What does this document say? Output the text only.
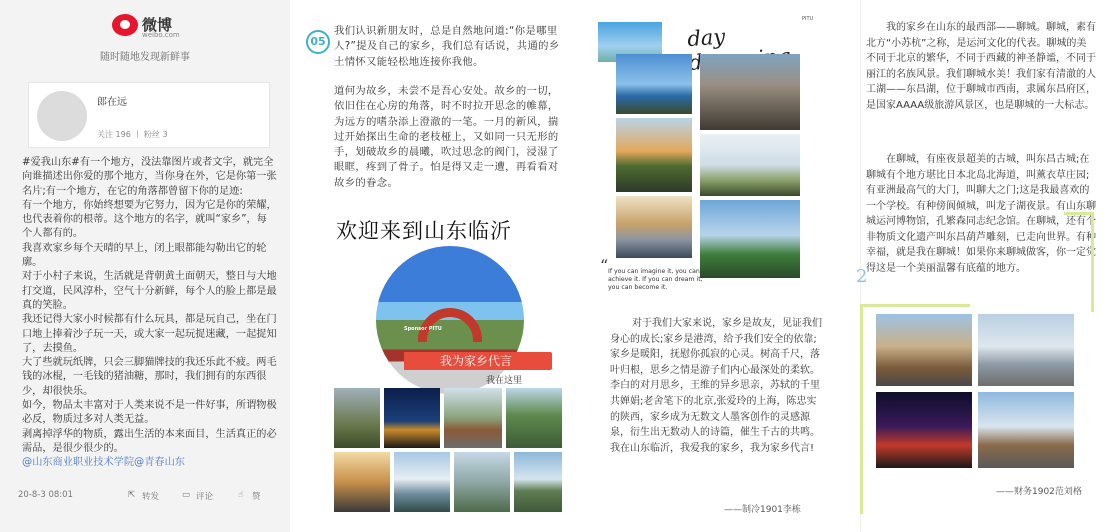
微博
weibo.com
随时随地发现新鲜事
郎在远
关注 196 丨 粉丝 3

#爱我山东#有一个地方，没法靠图片或者文字，就完全向谁描述出你爱的那个地方，当你身在外，它是你第一张名片;有一个地方，在它的角落都曾留下你的足迹:

有一个地方，你始终想要为它努力，因为它是你的荣耀，也代表着你的根蒂。这个地方的名字，就叫“家乡”，每个人都有的。

我喜欢家乡每个天晴的早上，闭上眼都能勾勒出它的轮廓。

对于小村子来说，生活就是背朝黄土面朝天，整日与大地打交道，民风淳朴，空气十分新鲜，每个人的脸上都是最真的笑脸。

我还记得大家小时候都有什么玩具，都是玩自己，坐在门口地上捧着沙子玩一天，或大家一起玩捉迷藏，一起捉知了，去摸鱼。

大了些就玩纸牌，只会三脚猫牌技的我还乐此不疲。两毛钱的冰棍，一毛钱的猪油糖，那时，我们拥有的东西很少，却很快乐。

如今，物品太丰富对于人类来说不是一件好事，所谓物极必反，物质过多对人类无益。

剥离掉浮华的物质，露出生活的本来面目，生活真正的必需品，是很少很少的。

@山东商业职业技术学院@青春山东

20-8-3 08:01	⇱ 转发	▭ 评论	☝ 赞
05
我们认识新朋友时，总是自然地问道:“你是哪里人?”提及自己的家乡，我们总有话说，共通的乡土情怀又能轻松地连接你我他。
道何为故乡，未尝不是吾心安处。故乡的一切，依旧住在心房的角落，时不时拉开思念的帷幕，为远方的嗜杂添上澄澈的一笔。一月的新风，揣过开始探出生命的老枝桠上，又如同一只无形的手，划破故乡的晨曦，吹过思念的阀门，浸湿了眼眶，疼到了骨子。怕是得又走一遭，再看看对故乡的眷念。
欢迎来到山东临沂
Sponsor PITU
我为家乡代言
我在这里
day
PITU
“ If you can imagine it, you can achieve it. If you can dream it, you can become it.
对于我们大家来说，家乡是故友，见证我们身心的成长;家乡是港湾，给予我们安全的依靠;家乡是暖阳，抚慰你孤寂的心灵。树高千尺，落叶归根，思乡之情是游子们内心最深处的柔软。李白的对月思乡，王维的异乡思亲，苏轼的千里共婵娟;老舍笔下的北京,张爱玲的上海，陈忠实的陕西，家乡成为无数文人墨客创作的灵感源泉，衍生出无数动人的诗篇，催生千古的共鸣。我在山东临沂，我爱我的家乡，我为家乡代言!
——制冷1901李栋
我的家乡在山东的最西部——聊城。聊城，素有北方“小苏杭”之称，是运河文化的代表。聊城的美不同于北京的繁华，不同于西藏的神圣静谧，不同于丽江的名族风景。我们聊城水美！我们家有清澈的人工湖——东昌湖，位于聊城市西南，隶属东昌府区，是国家AAAA级旅游风景区，也是聊城的一大标志。
在聊城，有座夜景超美的古城，叫东昌古城;在聊城有个地方堪比日本北岛北海道，叫薰衣草庄园;有亚洲最高气的大门，叫聊大之门;这是我最喜欢的一个学校。有种傍阆倾城，叫龙子湖夜景。有山东聊城运河博物馆，孔繁森同志纪念馆。在聊城，还有个非物质文化遗产叫东昌葫芦雕刻，已走向世界。有种幸福，就是我在聊城！如果你来聊城做客，你一定觉得这是一个美丽温馨有底蕴的地方。
2
——财务1902范刘格
